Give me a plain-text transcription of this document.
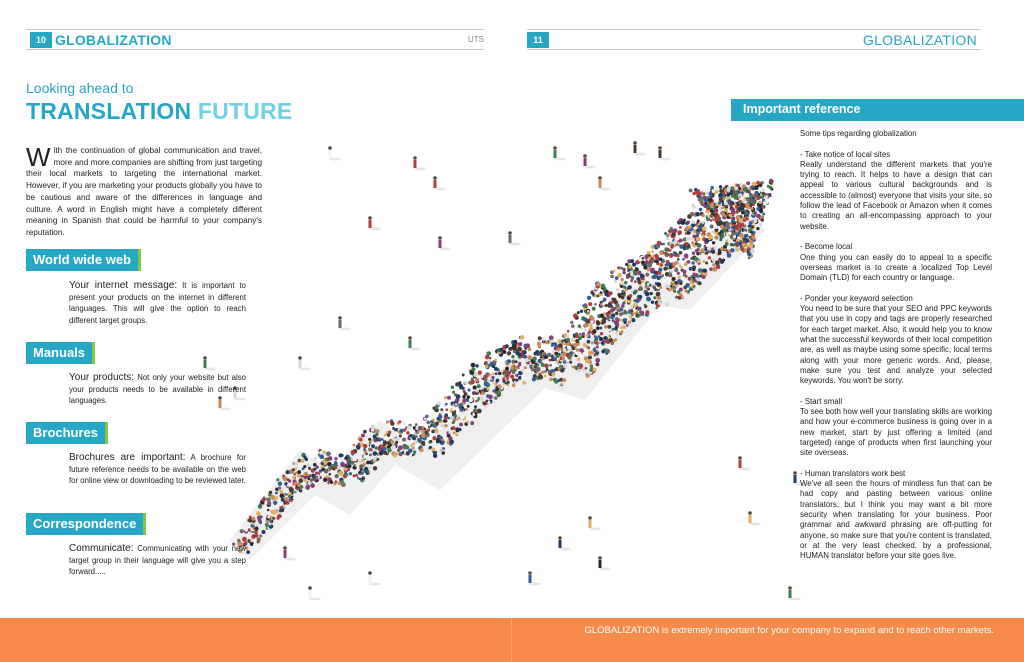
10 GLOBALIZATION	UTS	11	GLOBALIZATION
Looking ahead to
TRANSLATION FUTURE
W ith the continuation of global communication and travel, more and more companies are shifting from just targeting their local markets to targeting the international market. However, if you are marketing your products globally you have to be cautious and aware of the differences in language and culture. A word in English might have a completely different meaning in Spanish that could be harmful to your company's reputation.
World wide web
Your internet message: It is important to present your products on the internet in different languages. This will give the option to reach different target groups.
Manuals
Your products: Not only your website but also your products needs to be available in different languages.
Brochures
Brochures are important: A brochure for future reference needs to be available on the web for online view or downloading to be reviewed later.
Correspondence
Communicate: Communicating with your new target group in their language will give you a step forward.....
Important reference

Some tips regarding globalization

- Take notice of local sites

Really understand the different markets that you're trying to reach. It helps to have a design that can appeal to various cultural backgrounds and is accessible to (almost) everyone that visits your site, so follow the lead of Facebook or Amazon when it comes to creating an all-encompassing approach to your website.

- Become local

One thing you can easily do to appeal to a specific overseas market is to create a localized Top Level Domain (TLD) for each country or language.

- Ponder your keyword selection

You need to be sure that your SEO and PPC keywords that you use in copy and tags are properly researched for each target market. Also, it would help you to know what the successful keywords of their local competition are, as well as maybe using some specific, local terms along with your more generic words. And, please, make sure you test and analyze your selected keywords. You won't be sorry.

- Start small

To see both how well your translating skills are working and how your e-commerce business is going over in a new market, start by just offering a limited (and targeted) range of products when first launching your site overseas.

- Human translators work best

We've all seen the hours of mindless fun that can be had copy and pasting between various online translators, but I think you may want a bit more security when translating for your business. Poor grammar and awkward phrasing are off-putting for anyone, so make sure that you're content is translated, or at the very least checked, by a professional, HUMAN translator before your site goes live.

GLOBALIZATION is extremely important for your company to expand and to reach other markets.
